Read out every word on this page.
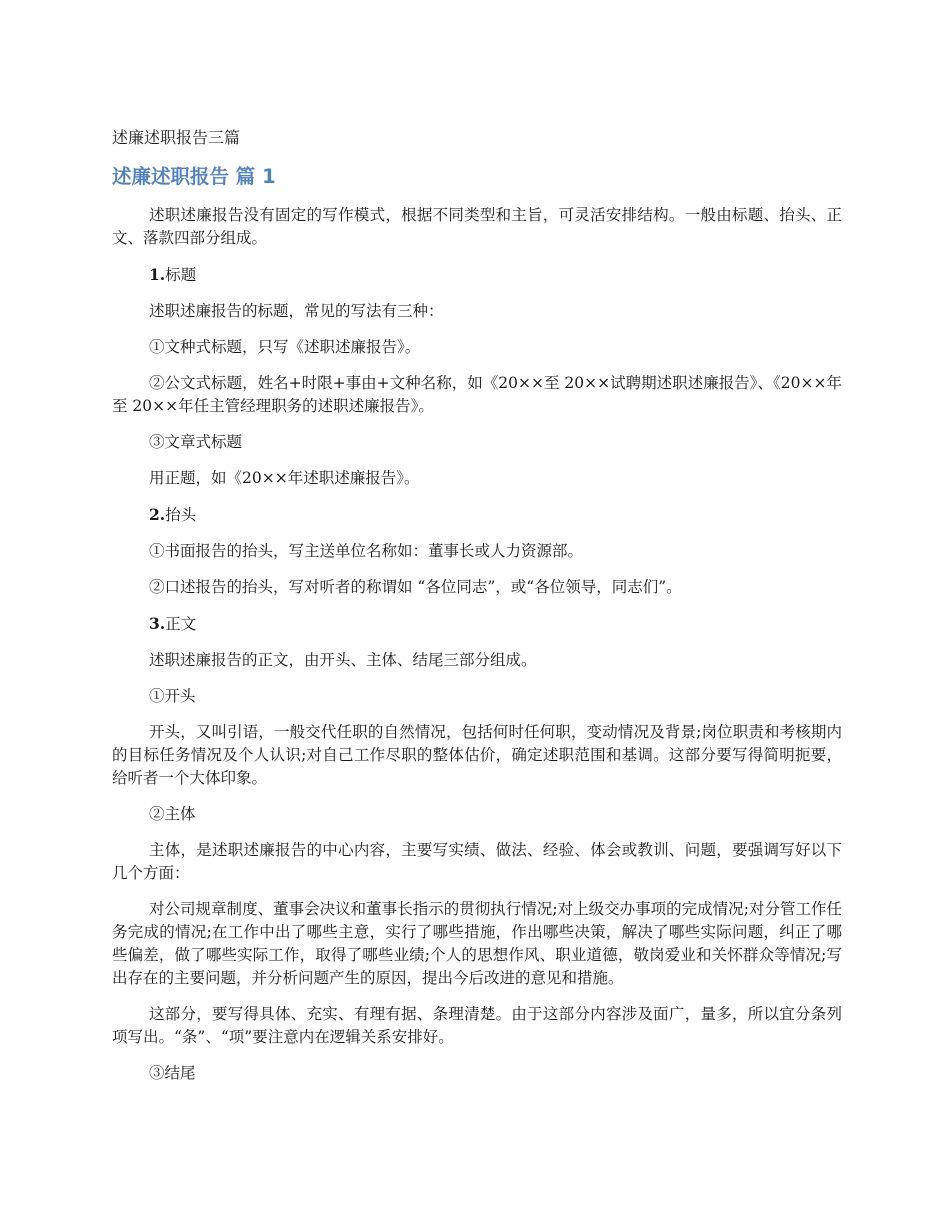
述廉述职报告三篇
述廉述职报告 篇 1

述职述廉报告没有固定的写作模式，根据不同类型和主旨，可灵活安排结构。一般由标题、抬头、正文、落款四部分组成。

1.标题

述职述廉报告的标题，常见的写法有三种：

①文种式标题，只写《述职述廉报告》。

②公文式标题，姓名+时限+事由+文种名称，如《20××至 20××试聘期述职述廉报告》、《20××年至 20××年任主管经理职务的述职述廉报告》。

③文章式标题

用正题，如《20××年述职述廉报告》。

2.抬头

①书面报告的抬头，写主送单位名称如：董事长或人力资源部。

②口述报告的抬头，写对听者的称谓如 “各位同志”，或“各位领导，同志们”。

3.正文

述职述廉报告的正文，由开头、主体、结尾三部分组成。

①开头

开头，又叫引语，一般交代任职的自然情况，包括何时任何职，变动情况及背景;岗位职责和考核期内的目标任务情况及个人认识;对自己工作尽职的整体估价，确定述职范围和基调。这部分要写得简明扼要，给听者一个大体印象。

②主体

主体，是述职述廉报告的中心内容，主要写实绩、做法、经验、体会或教训、问题，要强调写好以下几个方面：

对公司规章制度、董事会决议和董事长指示的贯彻执行情况;对上级交办事项的完成情况;对分管工作任务完成的情况;在工作中出了哪些主意，实行了哪些措施，作出哪些决策，解决了哪些实际问题，纠正了哪些偏差，做了哪些实际工作，取得了哪些业绩;个人的思想作风、职业道德，敬岗爱业和关怀群众等情况;写出存在的主要问题，并分析问题产生的原因，提出今后改进的意见和措施。

这部分，要写得具体、充实、有理有据、条理清楚。由于这部分内容涉及面广，量多，所以宜分条列项写出。“条”、“项”要注意内在逻辑关系安排好。

③结尾
